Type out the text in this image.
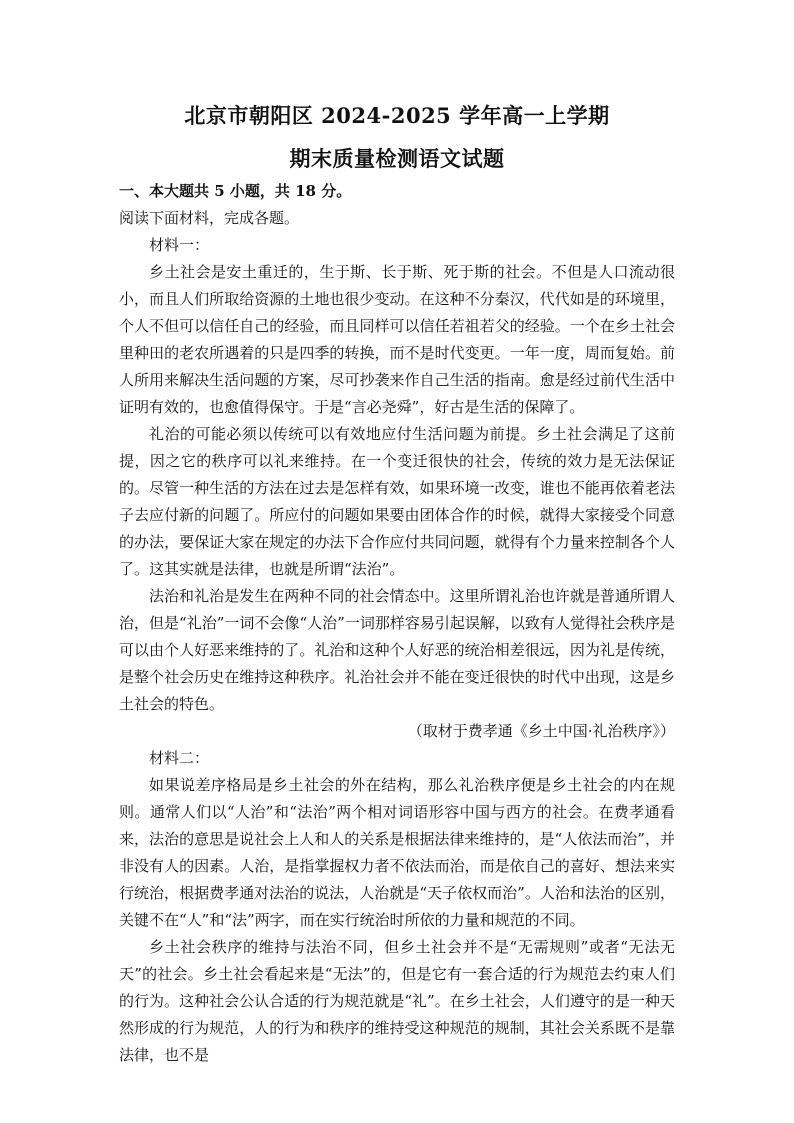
北京市朝阳区 2024-2025 学年高一上学期
期末质量检测语文试题

一、本大题共 5 小题，共 18 分。

阅读下面材料，完成各题。

材料一：

乡土社会是安土重迁的，生于斯、长于斯、死于斯的社会。不但是人口流动很小，而且人们所取给资源的土地也很少变动。在这种不分秦汉，代代如是的环境里，个人不但可以信任自己的经验，而且同样可以信任若祖若父的经验。一个在乡土社会里种田的老农所遇着的只是四季的转换，而不是时代变更。一年一度，周而复始。前人所用来解决生活问题的方案，尽可抄袭来作自己生活的指南。愈是经过前代生活中证明有效的，也愈值得保守。于是“言必尧舜”，好古是生活的保障了。

礼治的可能必须以传统可以有效地应付生活问题为前提。乡土社会满足了这前提，因之它的秩序可以礼来维持。在一个变迁很快的社会，传统的效力是无法保证的。尽管一种生活的方法在过去是怎样有效，如果环境一改变，谁也不能再依着老法子去应付新的问题了。所应付的问题如果要由团体合作的时候，就得大家接受个同意的办法，要保证大家在规定的办法下合作应付共同问题，就得有个力量来控制各个人了。这其实就是法律，也就是所谓“法治”。

法治和礼治是发生在两种不同的社会情态中。这里所谓礼治也许就是普通所谓人治，但是“礼治”一词不会像“人治”一词那样容易引起误解，以致有人觉得社会秩序是可以由个人好恶来维持的了。礼治和这种个人好恶的统治相差很远，因为礼是传统，是整个社会历史在维持这种秩序。礼治社会并不能在变迁很快的时代中出现，这是乡土社会的特色。

（取材于费孝通《乡土中国·礼治秩序》）

材料二：

如果说差序格局是乡土社会的外在结构，那么礼治秩序便是乡土社会的内在规则。通常人们以“人治”和“法治”两个相对词语形容中国与西方的社会。在费孝通看来，法治的意思是说社会上人和人的关系是根据法律来维持的，是“人依法而治”，并非没有人的因素。人治，是指掌握权力者不依法而治，而是依自己的喜好、想法来实行统治，根据费孝通对法治的说法，人治就是“天子依权而治”。人治和法治的区别，关键不在“人”和“法”两字，而在实行统治时所依的力量和规范的不同。

乡土社会秩序的维持与法治不同，但乡土社会并不是“无需规则”或者“无法无天”的社会。乡土社会看起来是“无法”的，但是它有一套合适的行为规范去约束人们的行为。这种社会公认合适的行为规范就是“礼”。在乡土社会，人们遵守的是一种天然形成的行为规范，人的行为和秩序的维持受这种规范的规制，其社会关系既不是靠法律，也不是
